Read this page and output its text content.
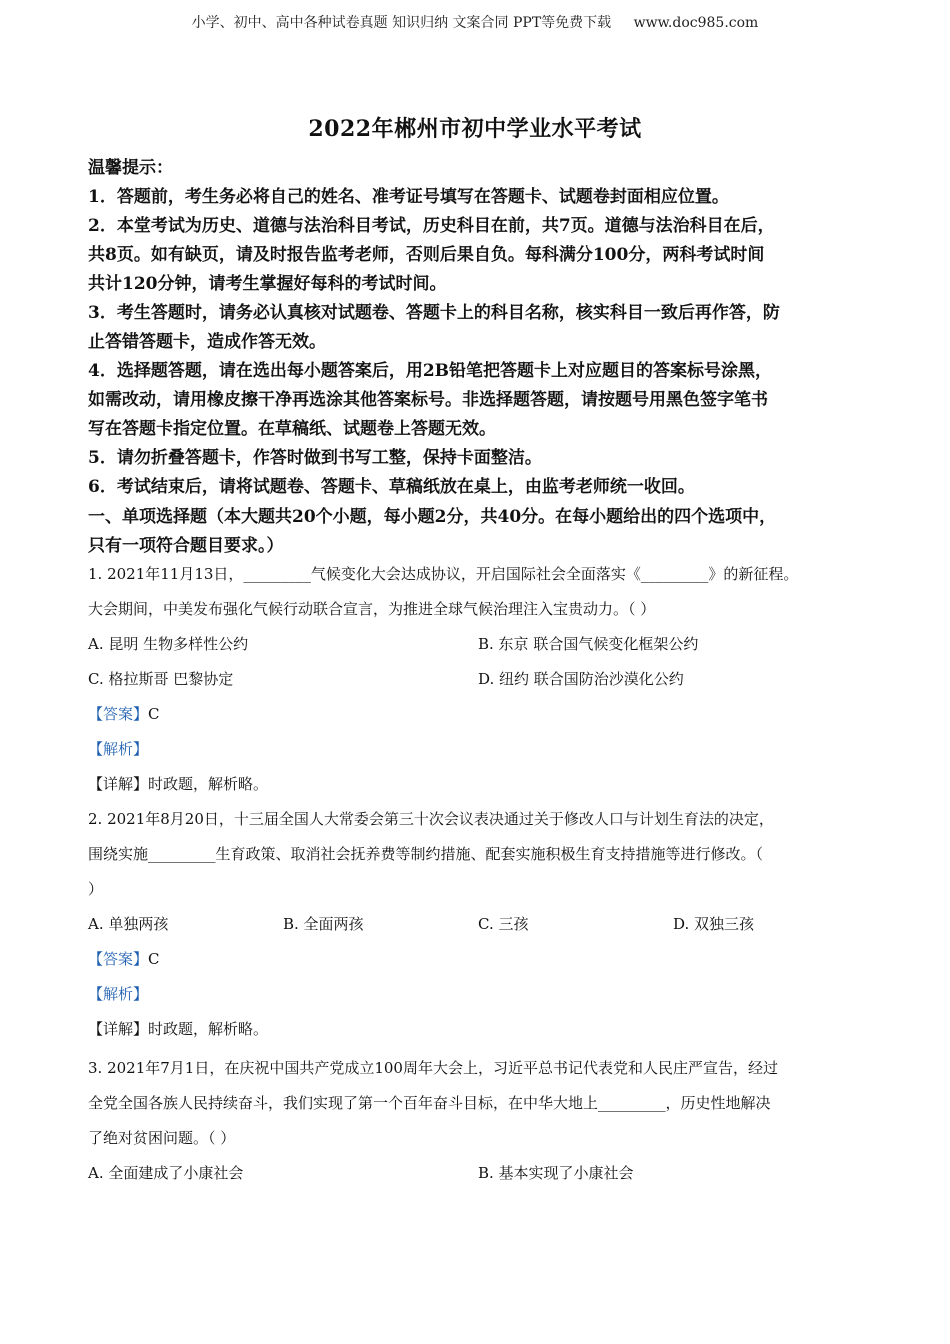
小学、初中、高中各种试卷真题 知识归纳 文案合同 PPT等免费下载 www.doc985.com
2022年郴州市初中学业水平考试

温馨提示：

1．答题前，考生务必将自己的姓名、准考证号填写在答题卡、试题卷封面相应位置。

2．本堂考试为历史、道德与法治科目考试，历史科目在前，共7页。道德与法治科目在后，

共8页。如有缺页，请及时报告监考老师，否则后果自负。每科满分100分，两科考试时间

共计120分钟，请考生掌握好每科的考试时间。

3．考生答题时，请务必认真核对试题卷、答题卡上的科目名称，核实科目一致后再作答，防

止答错答题卡，造成作答无效。

4．选择题答题，请在选出每小题答案后，用2B铅笔把答题卡上对应题目的答案标号涂黑，

如需改动，请用橡皮擦干净再选涂其他答案标号。非选择题答题，请按题号用黑色签字笔书

写在答题卡指定位置。在草稿纸、试题卷上答题无效。

5．请勿折叠答题卡，作答时做到书写工整，保持卡面整洁。

6．考试结束后，请将试题卷、答题卡、草稿纸放在桌上，由监考老师统一收回。

一、单项选择题（本大题共20个小题，每小题2分，共40分。在每小题给出的四个选项中，

只有一项符合题目要求。）

1. 2021年11月13日，_________气候变化大会达成协议，开启国际社会全面落实《_________》的新征程。

大会期间，中美发布强化气候行动联合宣言，为推进全球气候治理注入宝贵动力。（ ）

A. 昆明 生物多样性公约	B. 东京 联合国气候变化框架公约
C. 格拉斯哥 巴黎协定	D. 纽约 联合国防治沙漠化公约
【答案】C
【解析】
【详解】时政题，解析略。

2. 2021年8月20日，十三届全国人大常委会第三十次会议表决通过关于修改人口与计划生育法的决定，

围绕实施_________生育政策、取消社会抚养费等制约措施、配套实施积极生育支持措施等进行修改。（

）

A. 单独两孩	B. 全面两孩	C. 三孩	D. 双独三孩
【答案】C
【解析】
【详解】时政题，解析略。

3. 2021年7月1日，在庆祝中国共产党成立100周年大会上，习近平总书记代表党和人民庄严宣告，经过

全党全国各族人民持续奋斗，我们实现了第一个百年奋斗目标，在中华大地上_________，历史性地解决

了绝对贫困问题。（ ）

A. 全面建成了小康社会	B. 基本实现了小康社会
